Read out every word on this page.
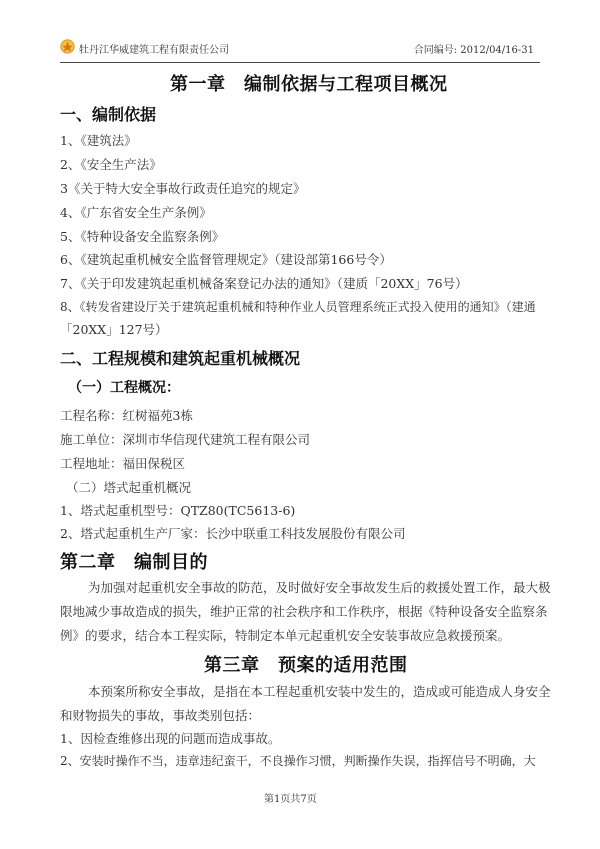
牡丹江华威建筑工程有限责任公司	合同编号: 2012/04/16-31
第一章　编制依据与工程项目概况
一、编制依据
1、《建筑法》
2、《安全生产法》
3《关于特大安全事故行政责任追究的规定》
4、《广东省安全生产条例》
5、《特种设备安全监察条例》
6、《建筑起重机械安全监督管理规定》（建设部第166号令）
7、《关于印发建筑起重机械备案登记办法的通知》（建质「20XX」76号）
8、《转发省建设厅关于建筑起重机械和特种作业人员管理系统正式投入使用的通知》（建通
「20XX」127号）
二、工程规模和建筑起重机械概况
（一）工程概况：
工程名称：红树福苑3栋
施工单位：深圳市华信现代建筑工程有限公司
工程地址：福田保税区
（二）塔式起重机概况
1、塔式起重机型号：QTZ80(TC5613-6)
2、塔式起重机生产厂家：长沙中联重工科技发展股份有限公司
第二章　编制目的
为加强对起重机安全事故的防范，及时做好安全事故发生后的救援处置工作，最大极
限地减少事故造成的损失，维护正常的社会秩序和工作秩序，根据《特种设备安全监察条
例》的要求，结合本工程实际，特制定本单元起重机安全安装事故应急救援预案。
第三章　预案的适用范围
本预案所称安全事故，是指在本工程起重机安装中发生的，造成或可能造成人身安全
和财物损失的事故，事故类别包括：
1、因检查维修出现的问题而造成事故。
2、安装时操作不当，违章违纪蛮干，不良操作习惯，判断操作失误，指挥信号不明确，大
第1页共7页
